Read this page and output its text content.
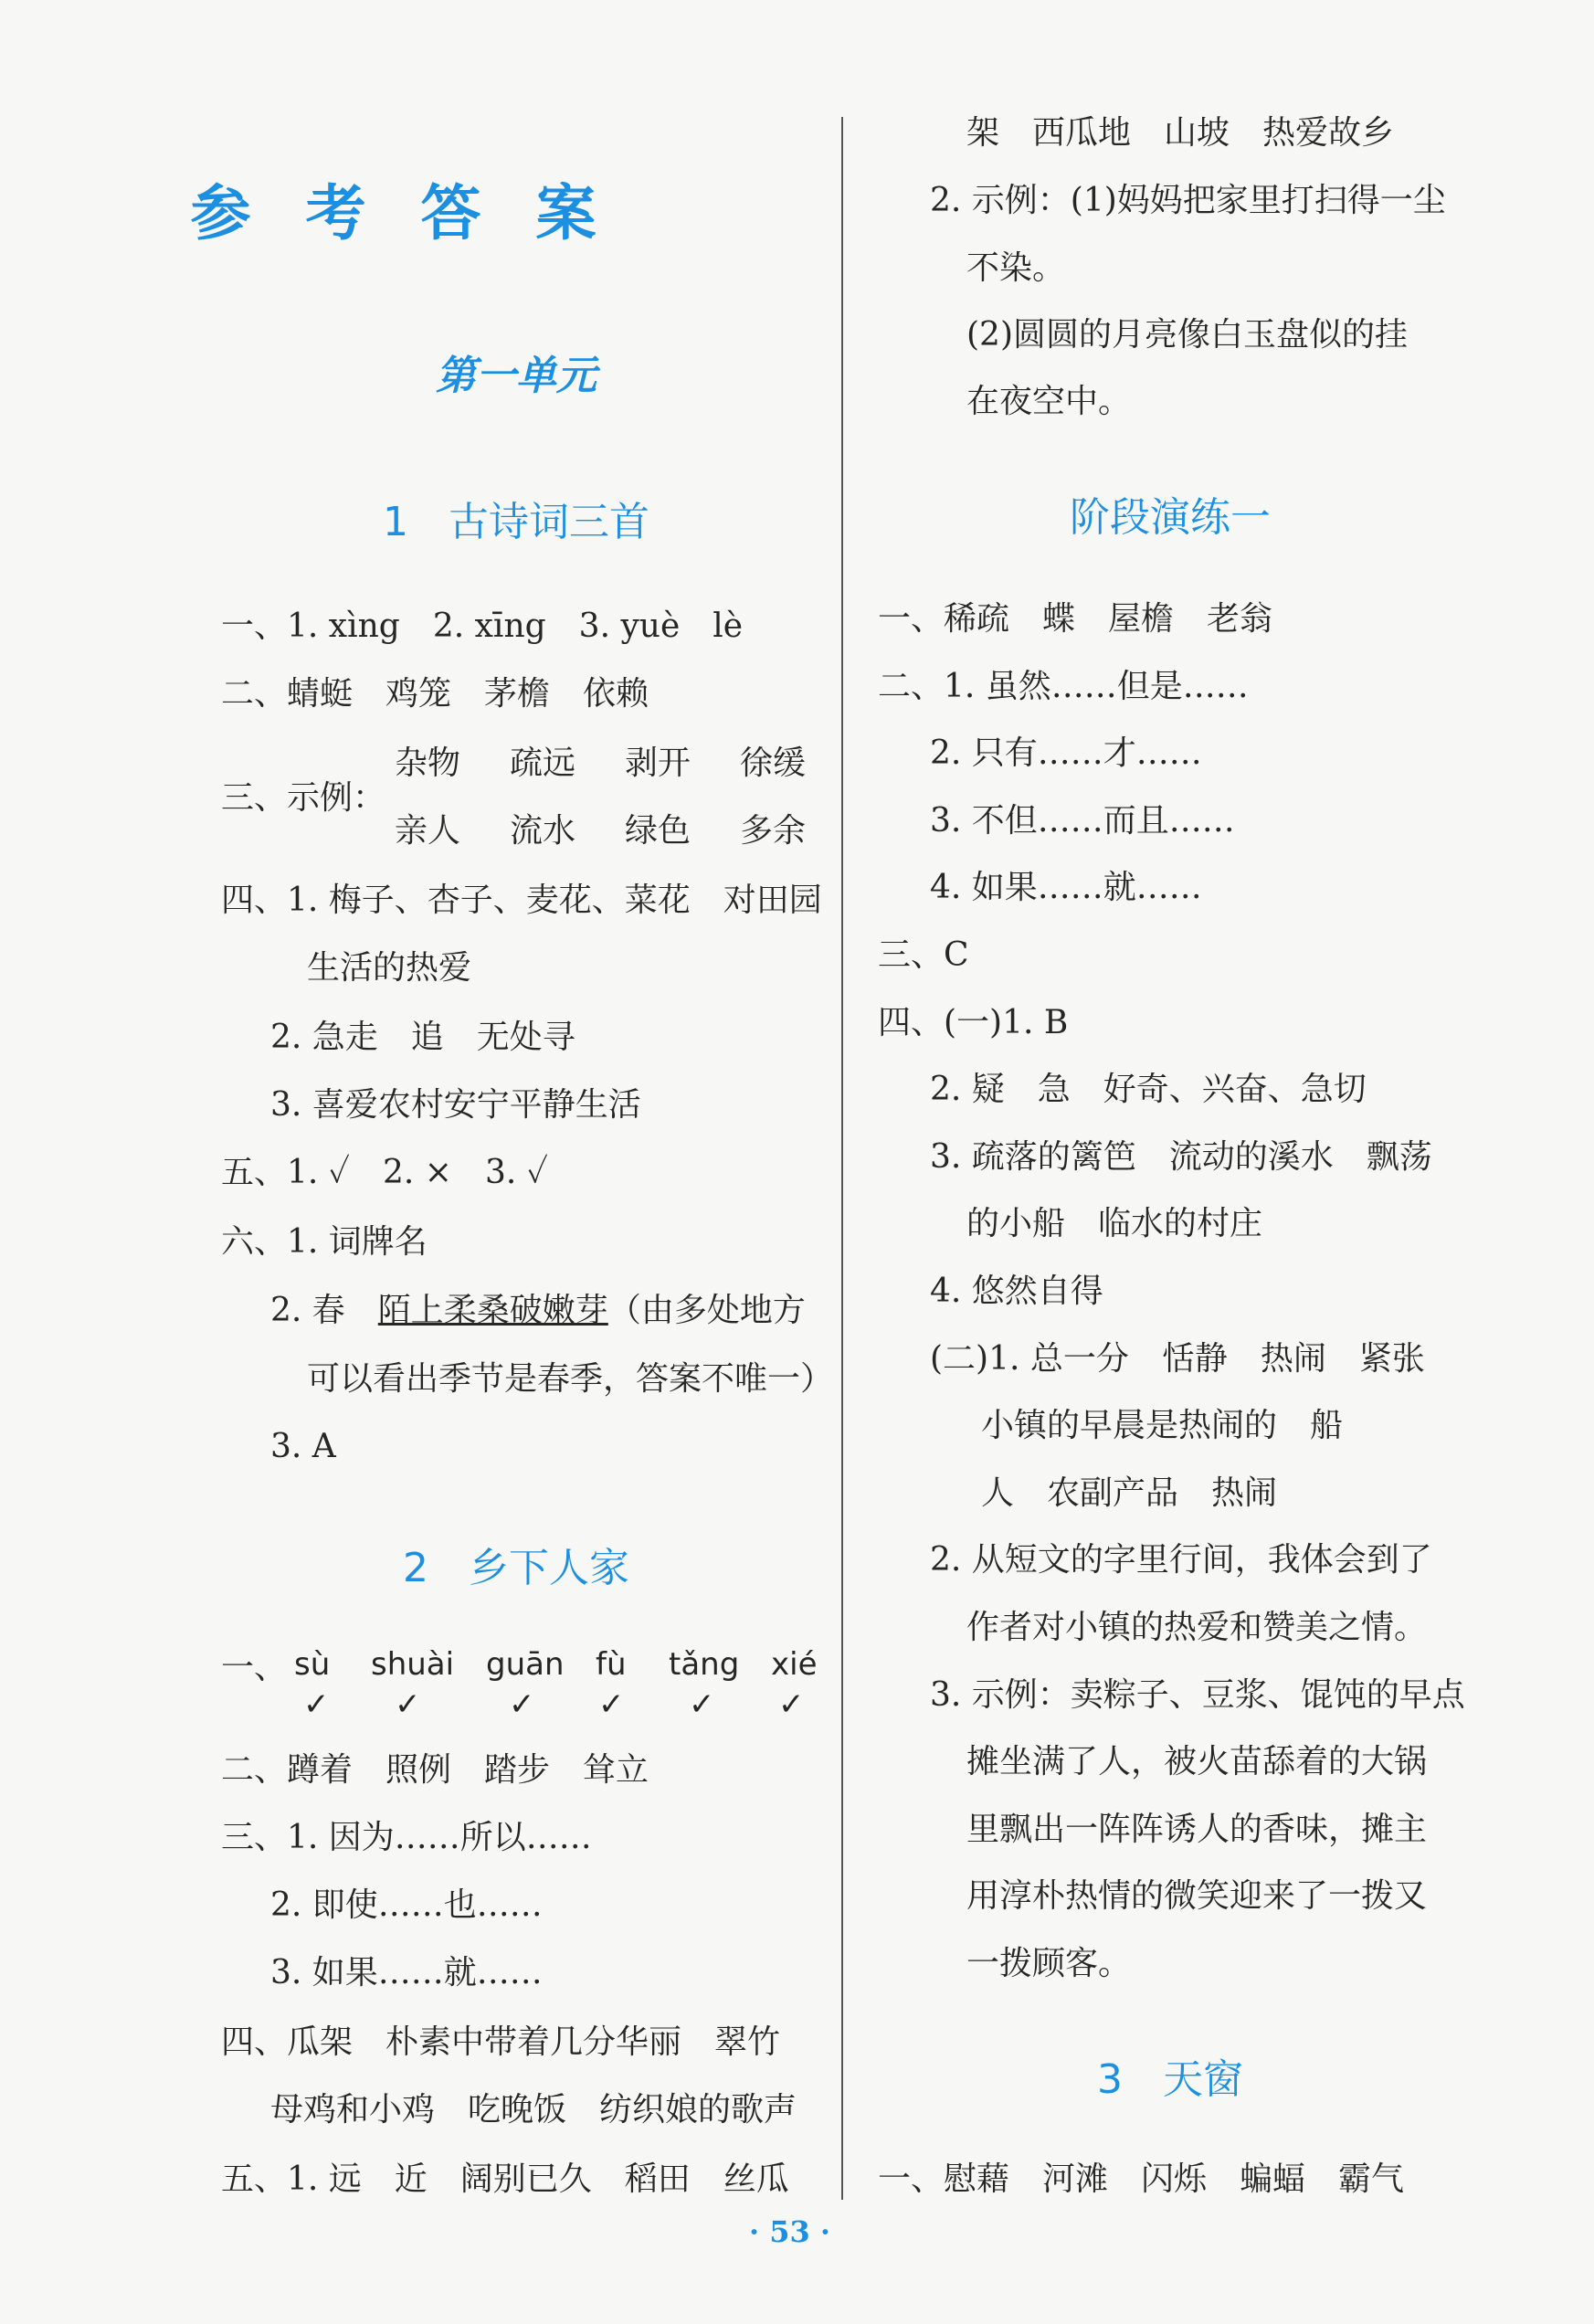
参考答案
第一单元
1　古诗词三首
一、1. xìng　2. xīng　3. yuè　lè
二、蜻蜓　鸡笼　茅檐　依赖
三、示例：
杂物
亲人
疏远
流水
剥开
绿色
徐缓
多余
四、1. 梅子、杏子、麦花、菜花　对田园
生活的热爱
2. 急走　追　无处寻
3. 喜爱农村安宁平静生活
五、1. ✓　2. ×　3. ✓
六、1. 词牌名
2. 春　陌上柔桑破嫩芽（由多处地方
可以看出季节是春季，答案不唯一）
3. A
2　乡下人家
一、 sù shuài guān fù tǎng xié
✓ ✓	✓ ✓ ✓ ✓
二、蹲着　照例　踏步　耸立
三、1. 因为……所以……
2. 即使……也……
3. 如果……就……
四、瓜架　朴素中带着几分华丽　翠竹
母鸡和小鸡　吃晚饭　纺织娘的歌声
五、1. 远　近　阔别已久　稻田　丝瓜
架　西瓜地　山坡　热爱故乡
2. 示例：(1)妈妈把家里打扫得一尘
不染。
(2)圆圆的月亮像白玉盘似的挂
在夜空中。
阶段演练一
一、稀疏　蝶　屋檐　老翁
二、1. 虽然……但是……
2. 只有……才……
3. 不但……而且……
4. 如果……就……
三、C
四、(一)1. B
2. 疑　急　好奇、兴奋、急切
3. 疏落的篱笆　流动的溪水　飘荡
的小船　临水的村庄
4. 悠然自得
(二)1. 总一分　恬静　热闹　紧张
小镇的早晨是热闹的　船
人　农副产品　热闹
2. 从短文的字里行间，我体会到了
作者对小镇的热爱和赞美之情。
3. 示例：卖粽子、豆浆、馄饨的早点
摊坐满了人，被火苗舔着的大锅
里飘出一阵阵诱人的香味，摊主
用淳朴热情的微笑迎来了一拨又
一拨顾客。
3　天窗
一、慰藉　河滩　闪烁　蝙蝠　霸气
· 53 ·
